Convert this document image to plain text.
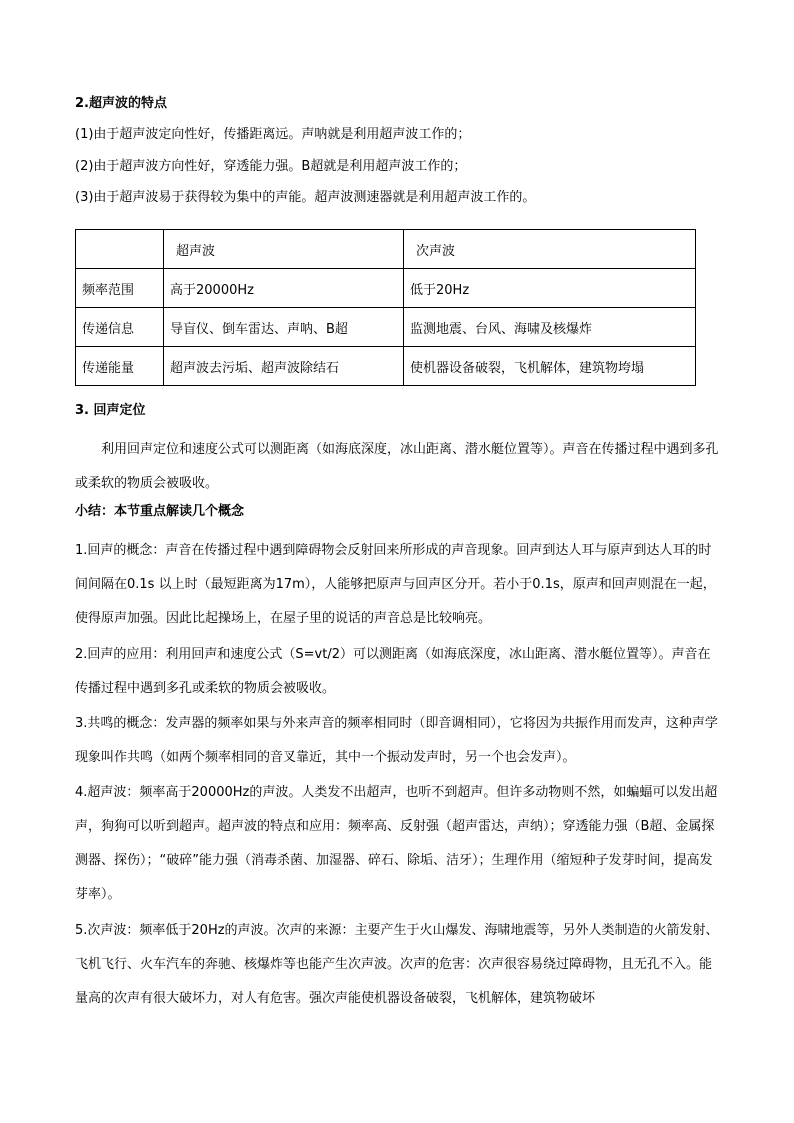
2.超声波的特点
(1)由于超声波定向性好，传播距离远。声呐就是利用超声波工作的；
(2)由于超声波方向性好，穿透能力强。B超就是利用超声波工作的；
(3)由于超声波易于获得较为集中的声能。超声波测速器就是利用超声波工作的。
	超声波	次声波
频率范围	高于20000Hz	低于20Hz
传递信息	导盲仪、倒车雷达、声呐、B超	监测地震、台风、海啸及核爆炸
传递能量	超声波去污垢、超声波除结石	使机器设备破裂，飞机解体，建筑物垮塌
3. 回声定位
利用回声定位和速度公式可以测距离（如海底深度，冰山距离、潜水艇位置等）。声音在传播过程中遇到多孔或柔软的物质会被吸收。
小结：本节重点解读几个概念
1.回声的概念：声音在传播过程中遇到障碍物会反射回来所形成的声音现象。回声到达人耳与原声到达人耳的时间间隔在0.1s 以上时（最短距离为17m），人能够把原声与回声区分开。若小于0.1s，原声和回声则混在一起，使得原声加强。因此比起操场上，在屋子里的说话的声音总是比较响亮。
2.回声的应用：利用回声和速度公式（S=vt/2）可以测距离（如海底深度，冰山距离、潜水艇位置等）。声音在传播过程中遇到多孔或柔软的物质会被吸收。
3.共鸣的概念：发声器的频率如果与外来声音的频率相同时（即音调相同），它将因为共振作用而发声，这种声学现象叫作共鸣（如两个频率相同的音叉靠近，其中一个振动发声时，另一个也会发声）。
4.超声波：频率高于20000Hz的声波。人类发不出超声，也听不到超声。但许多动物则不然，如蝙蝠可以发出超声，狗狗可以听到超声。超声波的特点和应用：频率高、反射强（超声雷达，声纳）；穿透能力强（B超、金属探测器、探伤）；“破碎”能力强（消毒杀菌、加湿器、碎石、除垢、洁牙）；生理作用（缩短种子发芽时间，提高发芽率）。
5.次声波：频率低于20Hz的声波。次声的来源：主要产生于火山爆发、海啸地震等，另外人类制造的火箭发射、飞机飞行、火车汽车的奔驰、核爆炸等也能产生次声波。次声的危害：次声很容易绕过障碍物，且无孔不入。能量高的次声有很大破坏力，对人有危害。强次声能使机器设备破裂，飞机解体，建筑物破坏
